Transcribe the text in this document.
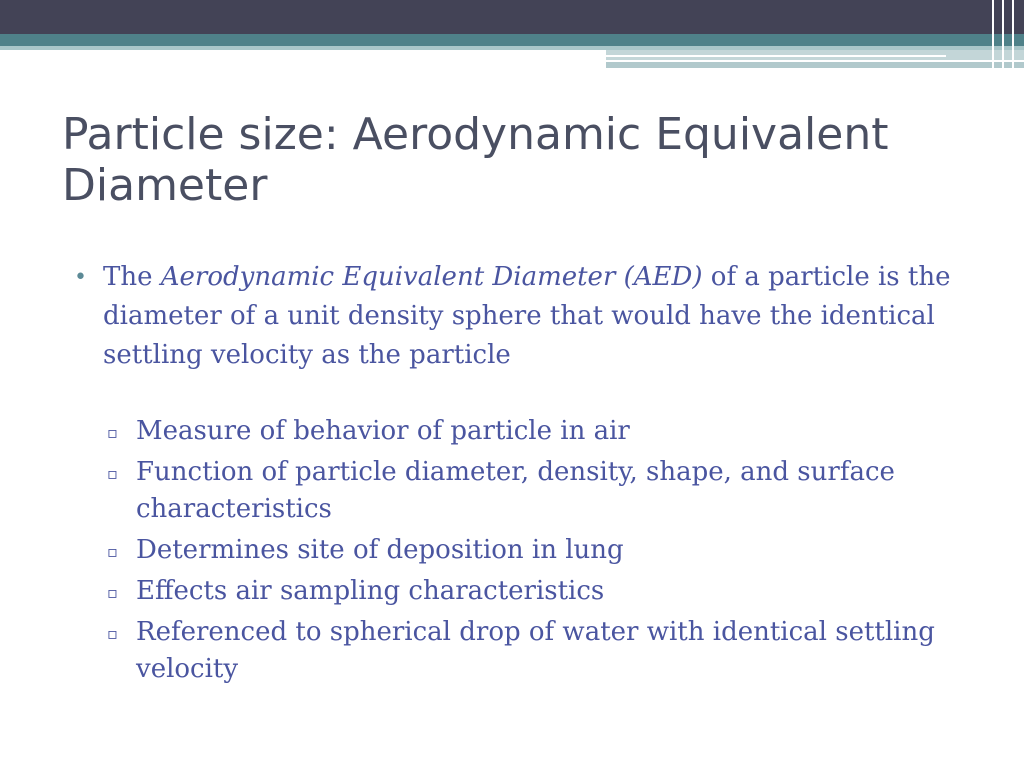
Particle size: Aerodynamic Equivalent Diameter

• The Aerodynamic Equivalent Diameter (AED) of a particle is the diameter of a unit density sphere that would have the identical settling velocity as the particle

▫ Measure of behavior of particle in air

▫ Function of particle diameter, density, shape, and surface characteristics

▫ Determines site of deposition in lung

▫ Effects air sampling characteristics

▫ Referenced to spherical drop of water with identical settling velocity
